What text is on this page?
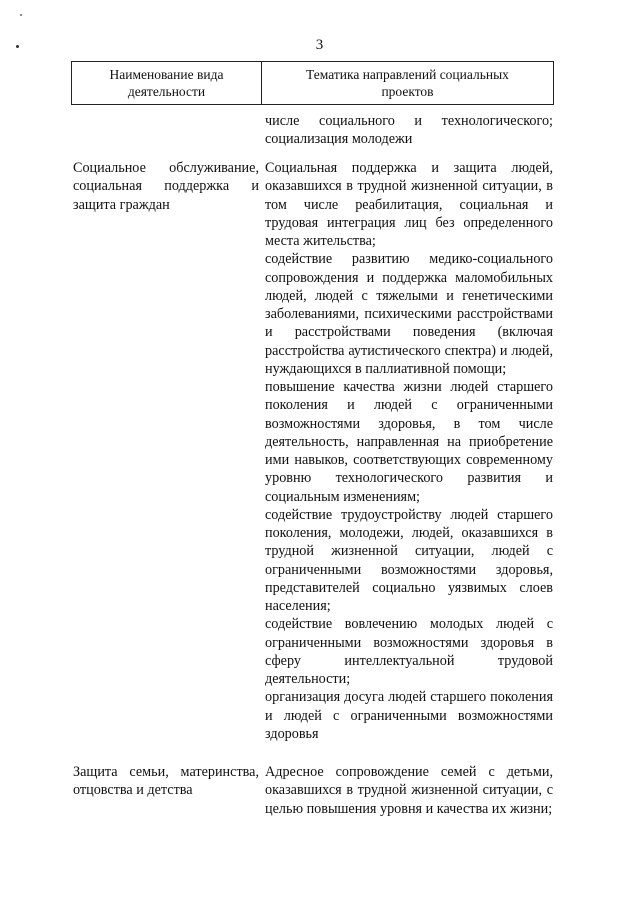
3
Наименование вида деятельности
Тематика направлений социальных проектов

числе социального и технологического; социализация молодежи

Социальное обслуживание, социальная поддержка и защита граждан

Социальная поддержка и защита людей, оказавшихся в трудной жизненной ситуации, в том числе реабилитация, социальная и трудовая интеграция лиц без определенного места жительства;

содействие развитию медико-социального сопровождения и поддержка маломобильных людей, людей с тяжелыми и генетическими заболеваниями, психическими расстройствами и расстройствами поведения (включая расстройства аутистического спектра) и людей, нуждающихся в паллиативной помощи;

повышение качества жизни людей старшего поколения и людей с ограниченными возможностями здоровья, в том числе деятельность, направленная на приобретение ими навыков, соответствующих современному уровню технологического развития и социальным изменениям;

содействие трудоустройству людей старшего поколения, молодежи, людей, оказавшихся в трудной жизненной ситуации, людей с ограниченными возможностями здоровья, представителей социально уязвимых слоев населения;

содействие вовлечению молодых людей с ограниченными возможностями здоровья в сферу интеллектуальной трудовой деятельности;

организация досуга людей старшего поколения и людей с ограниченными возможностями здоровья

Защита семьи, материнства, отцовства и детства

Адресное сопровождение семей с детьми, оказавшихся в трудной жизненной ситуации, с целью повышения уровня и качества их жизни;
